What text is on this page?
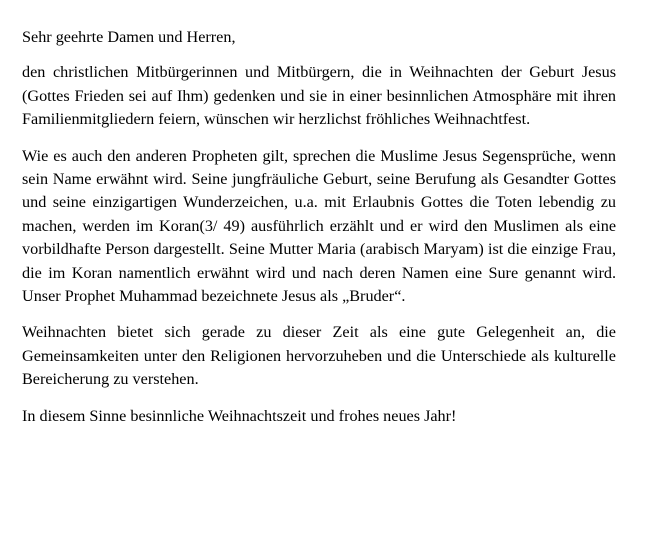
Sehr geehrte Damen und Herren,

den christlichen Mitbürgerinnen und Mitbürgern, die in Weihnachten der Geburt Jesus (Gottes Frieden sei auf Ihm) gedenken und sie in einer besinnlichen Atmosphäre mit ihren Familienmitgliedern feiern, wünschen wir herzlichst fröhliches Weihnachtfest.

Wie es auch den anderen Propheten gilt, sprechen die Muslime Jesus Segensprüche, wenn sein Name erwähnt wird. Seine jungfräuliche Geburt, seine Berufung als Gesandter Gottes und seine einzigartigen Wunderzeichen, u.a. mit Erlaubnis Gottes die Toten lebendig zu machen, werden im Koran(3/ 49) ausführlich erzählt und er wird den Muslimen als eine vorbildhafte Person dargestellt. Seine Mutter Maria (arabisch Maryam) ist die einzige Frau, die im Koran namentlich erwähnt wird und nach deren Namen eine Sure genannt wird. Unser Prophet Muhammad bezeichnete Jesus als „Bruder“.

Weihnachten bietet sich gerade zu dieser Zeit als eine gute Gelegenheit an, die Gemeinsamkeiten unter den Religionen hervorzuheben und die Unterschiede als kulturelle Bereicherung zu verstehen.

In diesem Sinne besinnliche Weihnachtszeit und frohes neues Jahr!
